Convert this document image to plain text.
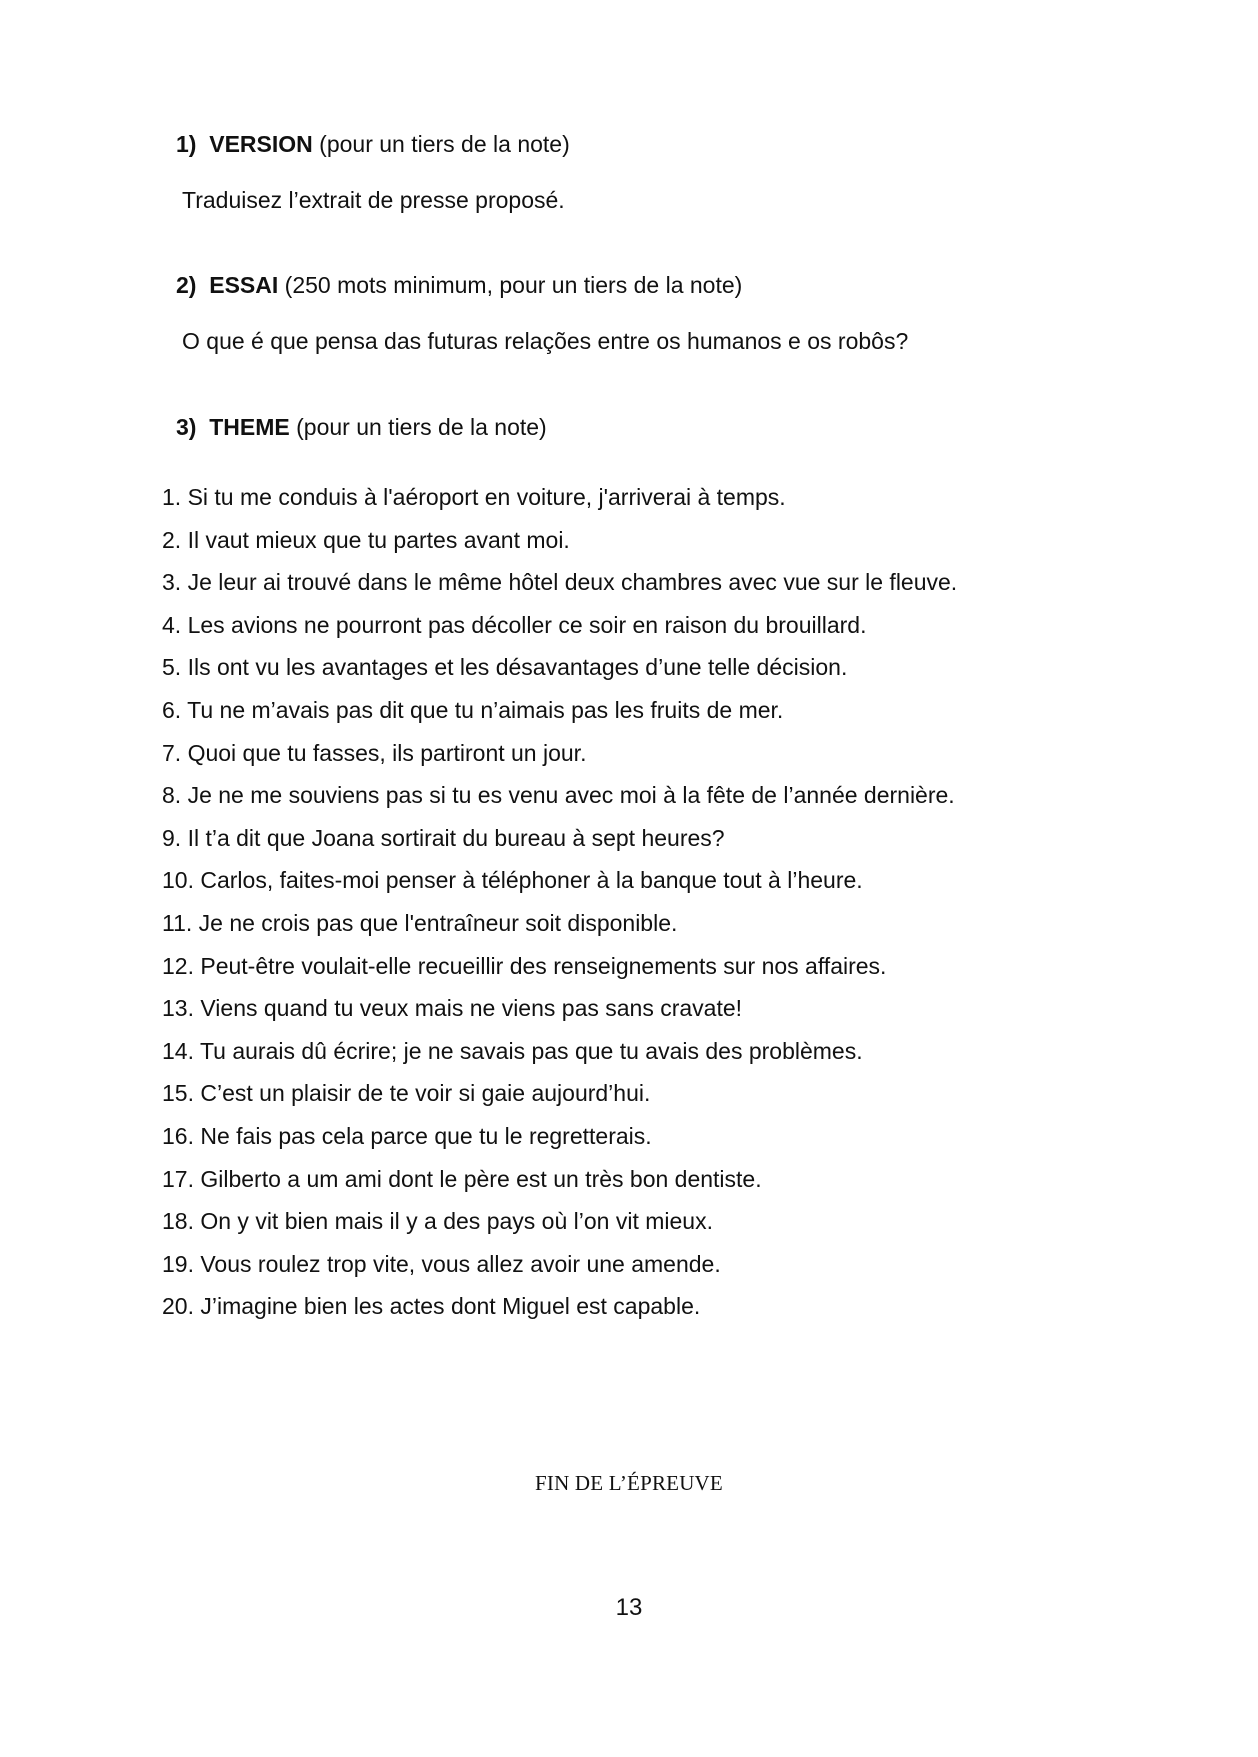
1) VERSION (pour un tiers de la note)
Traduisez l’extrait de presse proposé.
2) ESSAI (250 mots minimum, pour un tiers de la note)
O que é que pensa das futuras relações entre os humanos e os robôs?
3) THEME (pour un tiers de la note)
1. Si tu me conduis à l'aéroport en voiture, j'arriverai à temps.
2. Il vaut mieux que tu partes avant moi.
3. Je leur ai trouvé dans le même hôtel deux chambres avec vue sur le fleuve.
4. Les avions ne pourront pas décoller ce soir en raison du brouillard.
5. Ils ont vu les avantages et les désavantages d’une telle décision.
6. Tu ne m’avais pas dit que tu n’aimais pas les fruits de mer.
7. Quoi que tu fasses, ils partiront un jour.
8. Je ne me souviens pas si tu es venu avec moi à la fête de l’année dernière.
9. Il t’a dit que Joana sortirait du bureau à sept heures?
10. Carlos, faites-moi penser à téléphoner à la banque tout à l’heure.
11. Je ne crois pas que l'entraîneur soit disponible.
12. Peut-être voulait-elle recueillir des renseignements sur nos affaires.
13. Viens quand tu veux mais ne viens pas sans cravate!
14. Tu aurais dû écrire; je ne savais pas que tu avais des problèmes.
15. C’est un plaisir de te voir si gaie aujourd’hui.
16. Ne fais pas cela parce que tu le regretterais.
17. Gilberto a um ami dont le père est un très bon dentiste.
18. On y vit bien mais il y a des pays où l’on vit mieux.
19. Vous roulez trop vite, vous allez avoir une amende.
20. J’imagine bien les actes dont Miguel est capable.
FIN DE L’ÉPREUVE
13
